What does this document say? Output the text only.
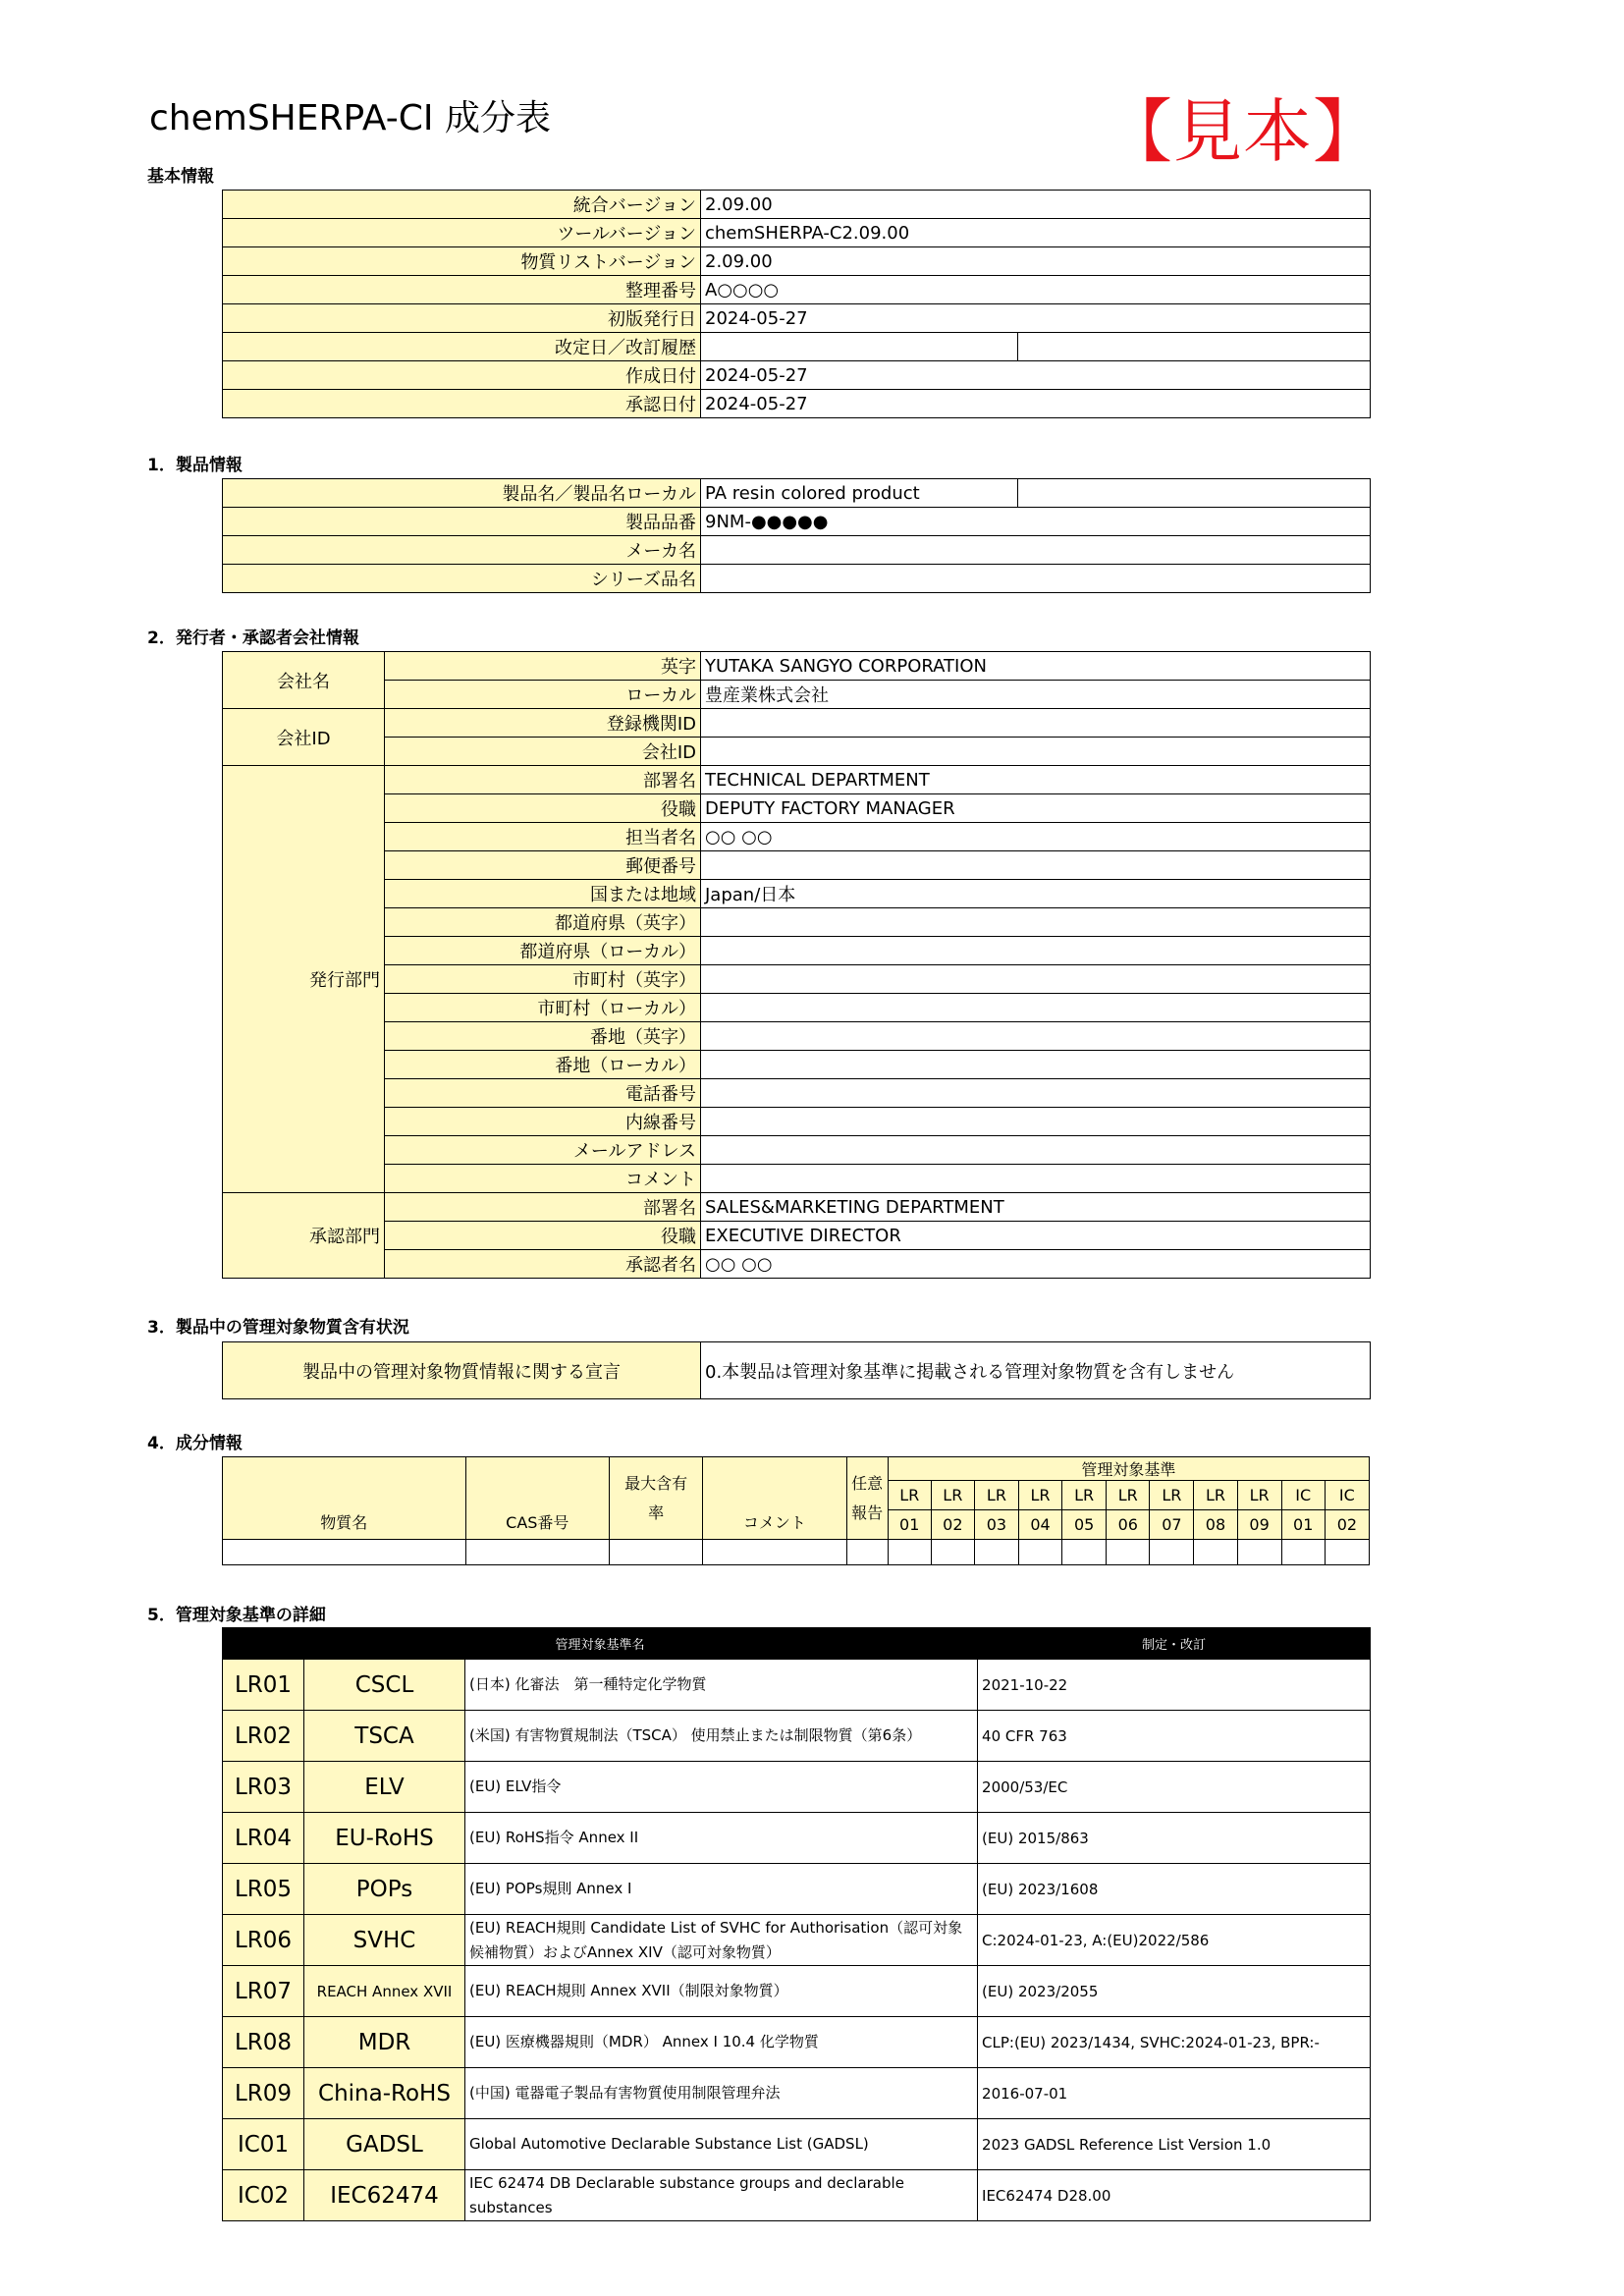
chemSHERPA-CI 成分表	【見本】
基本情報
統合バージョン	2.09.00	
ツールバージョン	chemSHERPA-C2.09.00	
物質リストバージョン	2.09.00	
整理番号	A○○○○	
初版発行日	2024-05-27	
改定日／改訂履歴		
作成日付	2024-05-27	
承認日付	2024-05-27	
1．製品情報
製品名／製品名ローカル	PA resin colored product	
製品品番	9NM-●●●●●	
メーカ名		
シリーズ品名		
2．発行者・承認者会社情報
会社名	英字	YUTAKA SANGYO CORPORATION
	ローカル	豊産業株式会社
会社ID	登録機関ID	
	会社ID	
発行部門	部署名	TECHNICAL DEPARTMENT
	役職	DEPUTY FACTORY MANAGER
	担当者名	○○ ○○
	郵便番号	
	国または地域	Japan/日本
	都道府県（英字）	
	都道府県（ローカル）	
	市町村（英字）	
	市町村（ローカル）	
	番地（英字）	
	番地（ローカル）	
	電話番号	
	内線番号	
	メールアドレス	
	コメント	
承認部門	部署名	SALES&MARKETING DEPARTMENT
	役職	EXECUTIVE DIRECTOR
	承認者名	○○ ○○
3．製品中の管理対象物質含有状況
製品中の管理対象物質情報に関する宣言	0.本製品は管理対象基準に掲載される管理対象物質を含有しません
4．成分情報
物質名	CAS番号	最大含有率	コメント	任意報告	管理対象基準										
					LR	LR	LR	LR	LR	LR	LR	LR	LR	IC	IC
					01	02	03	04	05	06	07	08	09	01	02

5．管理対象基準の詳細
管理対象基準名			制定・改訂
LR01	CSCL	(日本) 化審法　第一種特定化学物質	2021-10-22
LR02	TSCA	(米国) 有害物質規制法（TSCA） 使用禁止または制限物質（第6条）	40 CFR 763
LR03	ELV	(EU) ELV指令	2000/53/EC
LR04	EU-RoHS	(EU) RoHS指令 Annex II	(EU) 2015/863
LR05	POPs	(EU) POPs規則 Annex I	(EU) 2023/1608
LR06	SVHC	(EU) REACH規則 Candidate List of SVHC for Authorisation（認可対象候補物質）およびAnnex XIV（認可対象物質）	C:2024-01-23, A:(EU)2022/586
LR07	REACH Annex XVII	(EU) REACH規則 Annex XVII（制限対象物質）	(EU) 2023/2055
LR08	MDR	(EU) 医療機器規則（MDR） Annex I 10.4 化学物質	CLP:(EU) 2023/1434, SVHC:2024-01-23, BPR:-
LR09	China-RoHS	(中国) 電器電子製品有害物質使用制限管理弁法	2016-07-01
IC01	GADSL	Global Automotive Declarable Substance List (GADSL)	2023 GADSL Reference List Version 1.0
IC02	IEC62474	IEC 62474 DB Declarable substance groups and declarable substances	IEC62474 D28.00
